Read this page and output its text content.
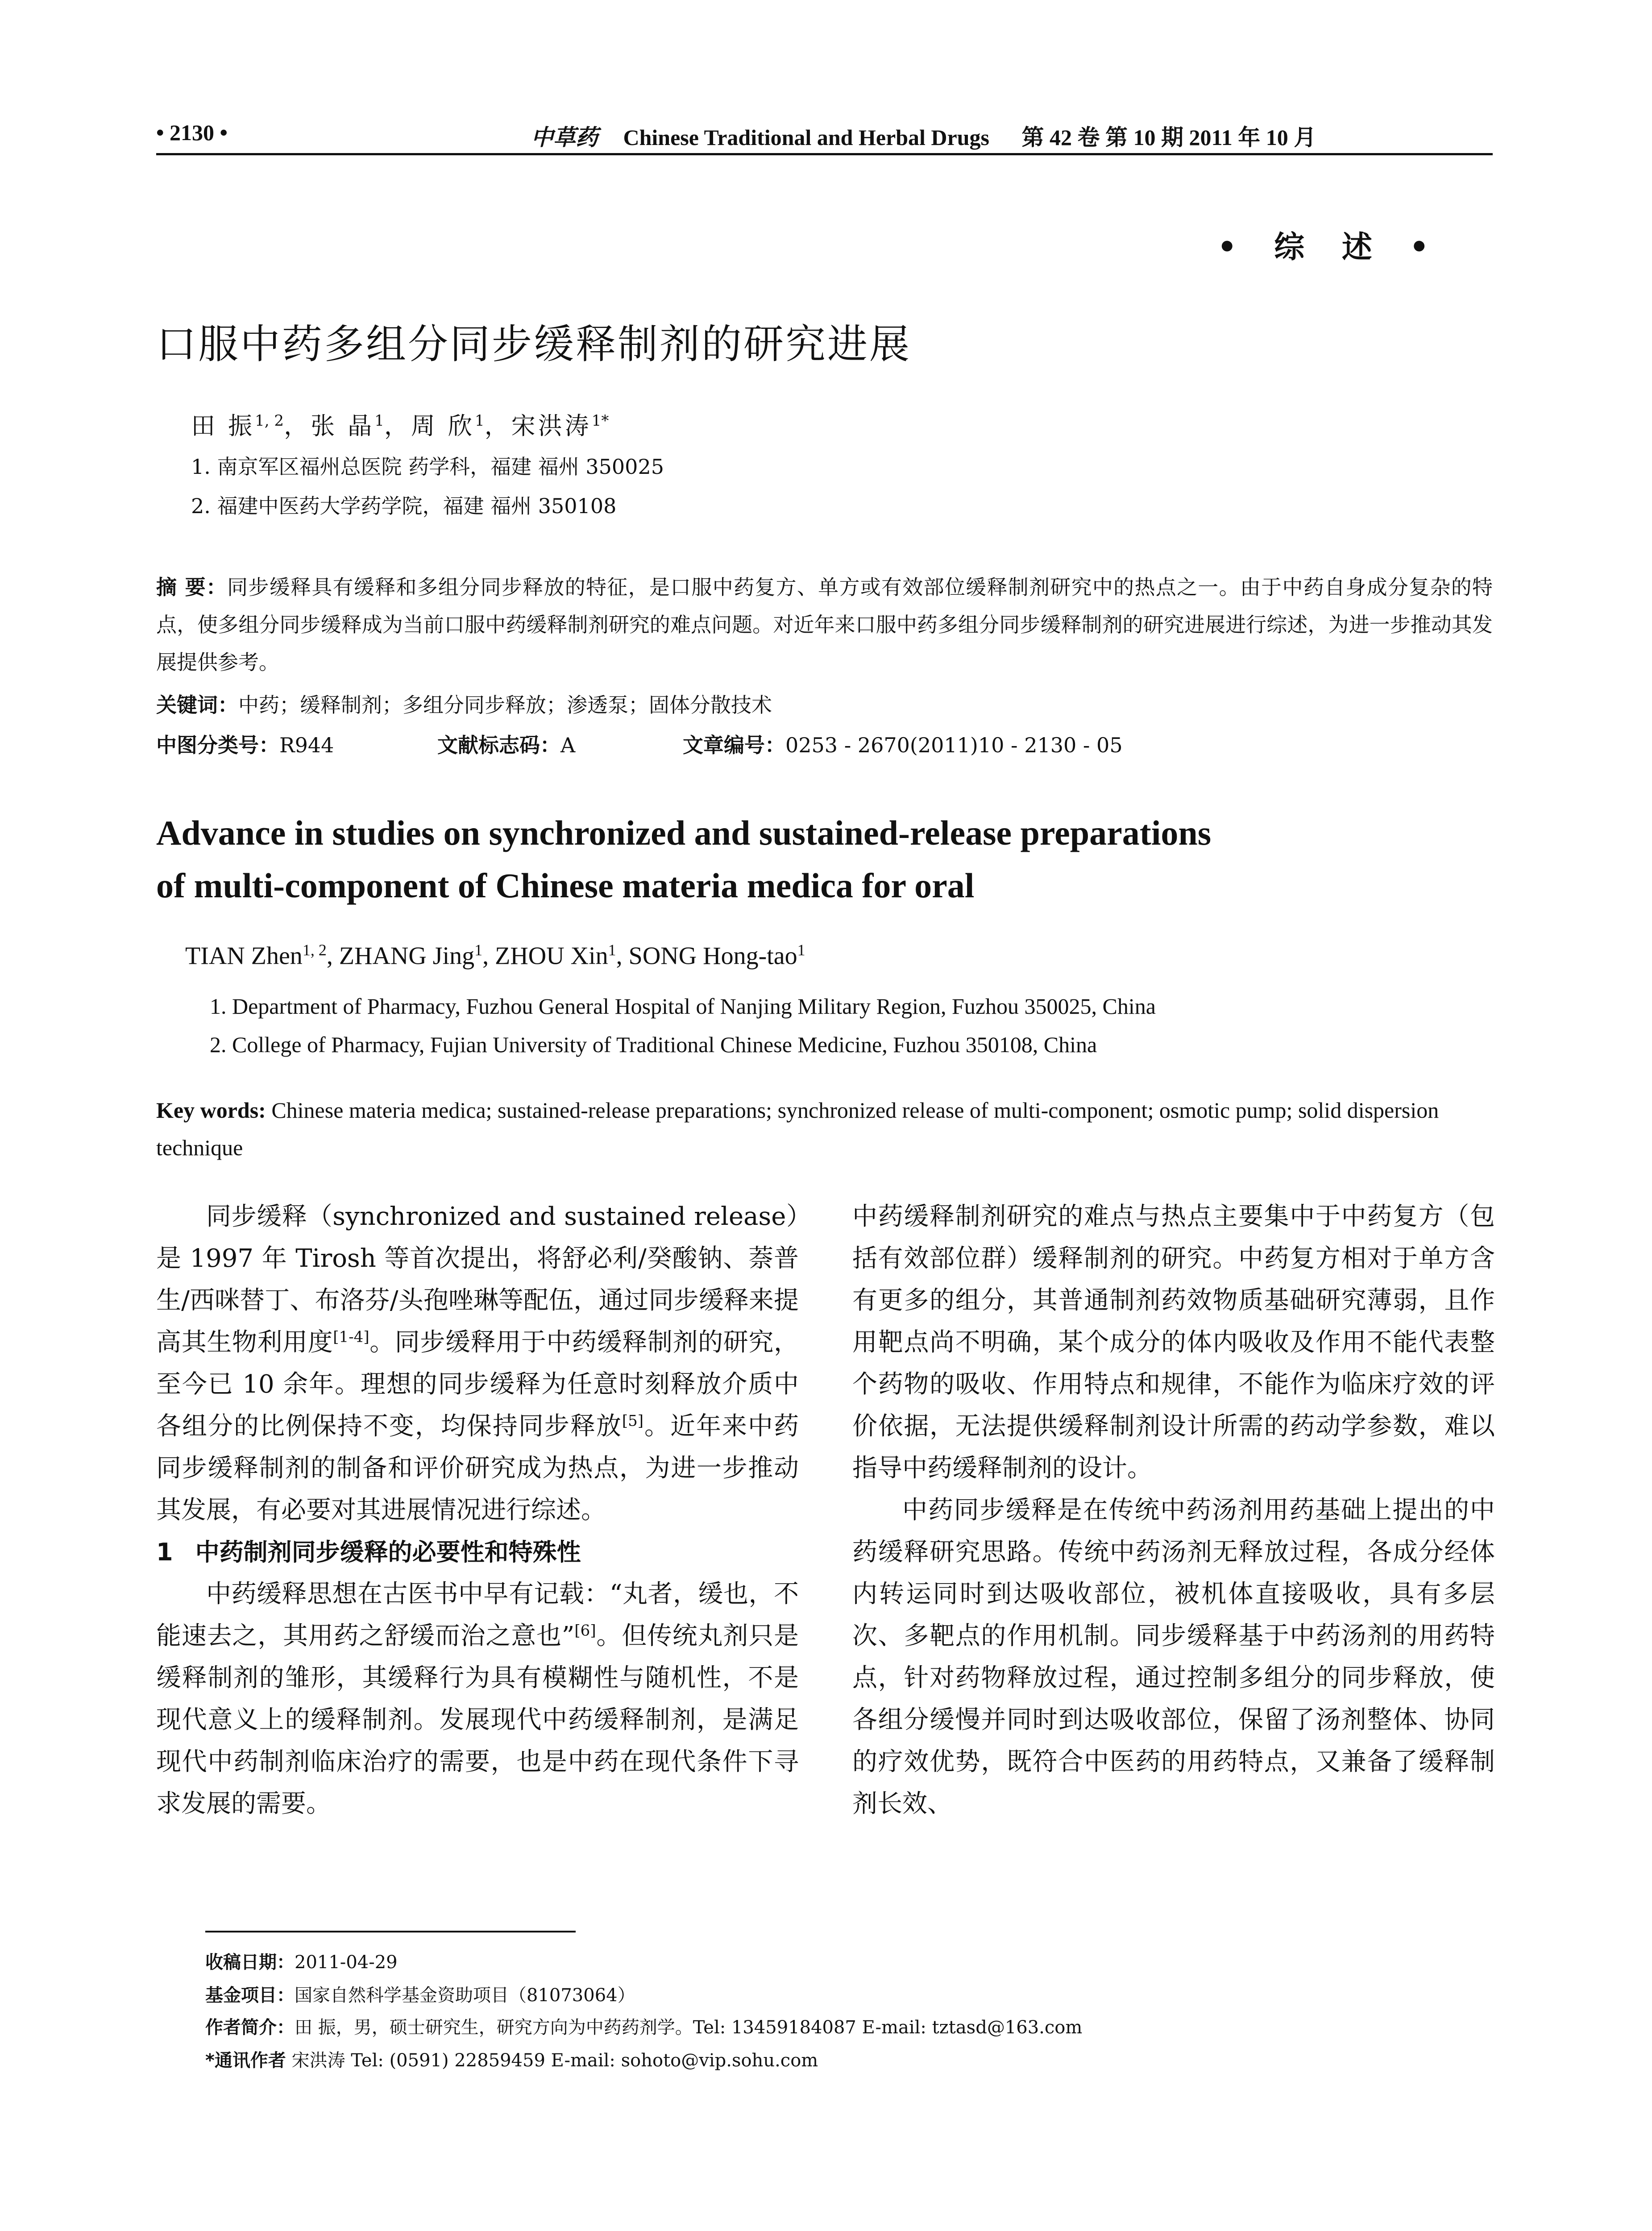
• 2130 •	中草药 Chinese Traditional and Herbal Drugs 第 42 卷 第 10 期 2011 年 10 月
• 综 述 •
口服中药多组分同步缓释制剂的研究进展
田 振$^{1, 2}$，张 晶$^1$，周 欣$^1$，宋洪涛$^{1*}$
1. 南京军区福州总医院 药学科，福建 福州 350025
2. 福建中医药大学药学院，福建 福州 350108
摘 要：同步缓释具有缓释和多组分同步释放的特征，是口服中药复方、单方或有效部位缓释制剂研究中的热点之一。由于中药自身成分复杂的特点，使多组分同步缓释成为当前口服中药缓释制剂研究的难点问题。对近年来口服中药多组分同步缓释制剂的研究进展进行综述，为进一步推动其发展提供参考。
关键词：中药；缓释制剂；多组分同步释放；渗透泵；固体分散技术
中图分类号：R944	文献标志码：A	文章编号：0253 - 2670(2011)10 - 2130 - 05
Advance in studies on synchronized and sustained-release preparations
of multi-component of Chinese materia medica for oral
TIAN Zhen$^{1, 2}$, ZHANG Jing$^1$, ZHOU Xin$^1$, SONG Hong-tao$^1$
1. Department of Pharmacy, Fuzhou General Hospital of Nanjing Military Region, Fuzhou 350025, China
2. College of Pharmacy, Fujian University of Traditional Chinese Medicine, Fuzhou 350108, China
Key words: Chinese materia medica; sustained-release preparations; synchronized release of multi-component; osmotic pump; solid dispersion technique

同步缓释（synchronized and sustained release）是 1997 年 Tirosh 等首次提出，将舒必利/癸酸钠、萘普生/西咪替丁、布洛芬/头孢唑琳等配伍，通过同步缓释来提高其生物利用度[1-4]。同步缓释用于中药缓释制剂的研究，至今已 10 余年。理想的同步缓释为任意时刻释放介质中各组分的比例保持不变，均保持同步释放[5]。近年来中药同步缓释制剂的制备和评价研究成为热点，为进一步推动其发展，有必要对其进展情况进行综述。

1 中药制剂同步缓释的必要性和特殊性

中药缓释思想在古医书中早有记载：“丸者，缓也，不能速去之，其用药之舒缓而治之意也”[6]。但传统丸剂只是缓释制剂的雏形，其缓释行为具有模糊性与随机性，不是现代意义上的缓释制剂。发展现代中药缓释制剂，是满足现代中药制剂临床治疗的需要，也是中药在现代条件下寻求发展的需要。

中药缓释制剂研究的难点与热点主要集中于中药复方（包括有效部位群）缓释制剂的研究。中药复方相对于单方含有更多的组分，其普通制剂药效物质基础研究薄弱，且作用靶点尚不明确，某个成分的体内吸收及作用不能代表整个药物的吸收、作用特点和规律，不能作为临床疗效的评价依据，无法提供缓释制剂设计所需的药动学参数，难以指导中药缓释制剂的设计。

中药同步缓释是在传统中药汤剂用药基础上提出的中药缓释研究思路。传统中药汤剂无释放过程，各成分经体内转运同时到达吸收部位，被机体直接吸收，具有多层次、多靶点的作用机制。同步缓释基于中药汤剂的用药特点，针对药物释放过程，通过控制多组分的同步释放，使各组分缓慢并同时到达吸收部位，保留了汤剂整体、协同的疗效优势，既符合中医药的用药特点，又兼备了缓释制剂长效、

收稿日期：2011-04-29
基金项目：国家自然科学基金资助项目（81073064）
作者简介：田 振，男，硕士研究生，研究方向为中药药剂学。Tel: 13459184087 E-mail: tztasd@163.com
*通讯作者 宋洪涛 Tel: (0591) 22859459 E-mail: sohoto@vip.sohu.com
